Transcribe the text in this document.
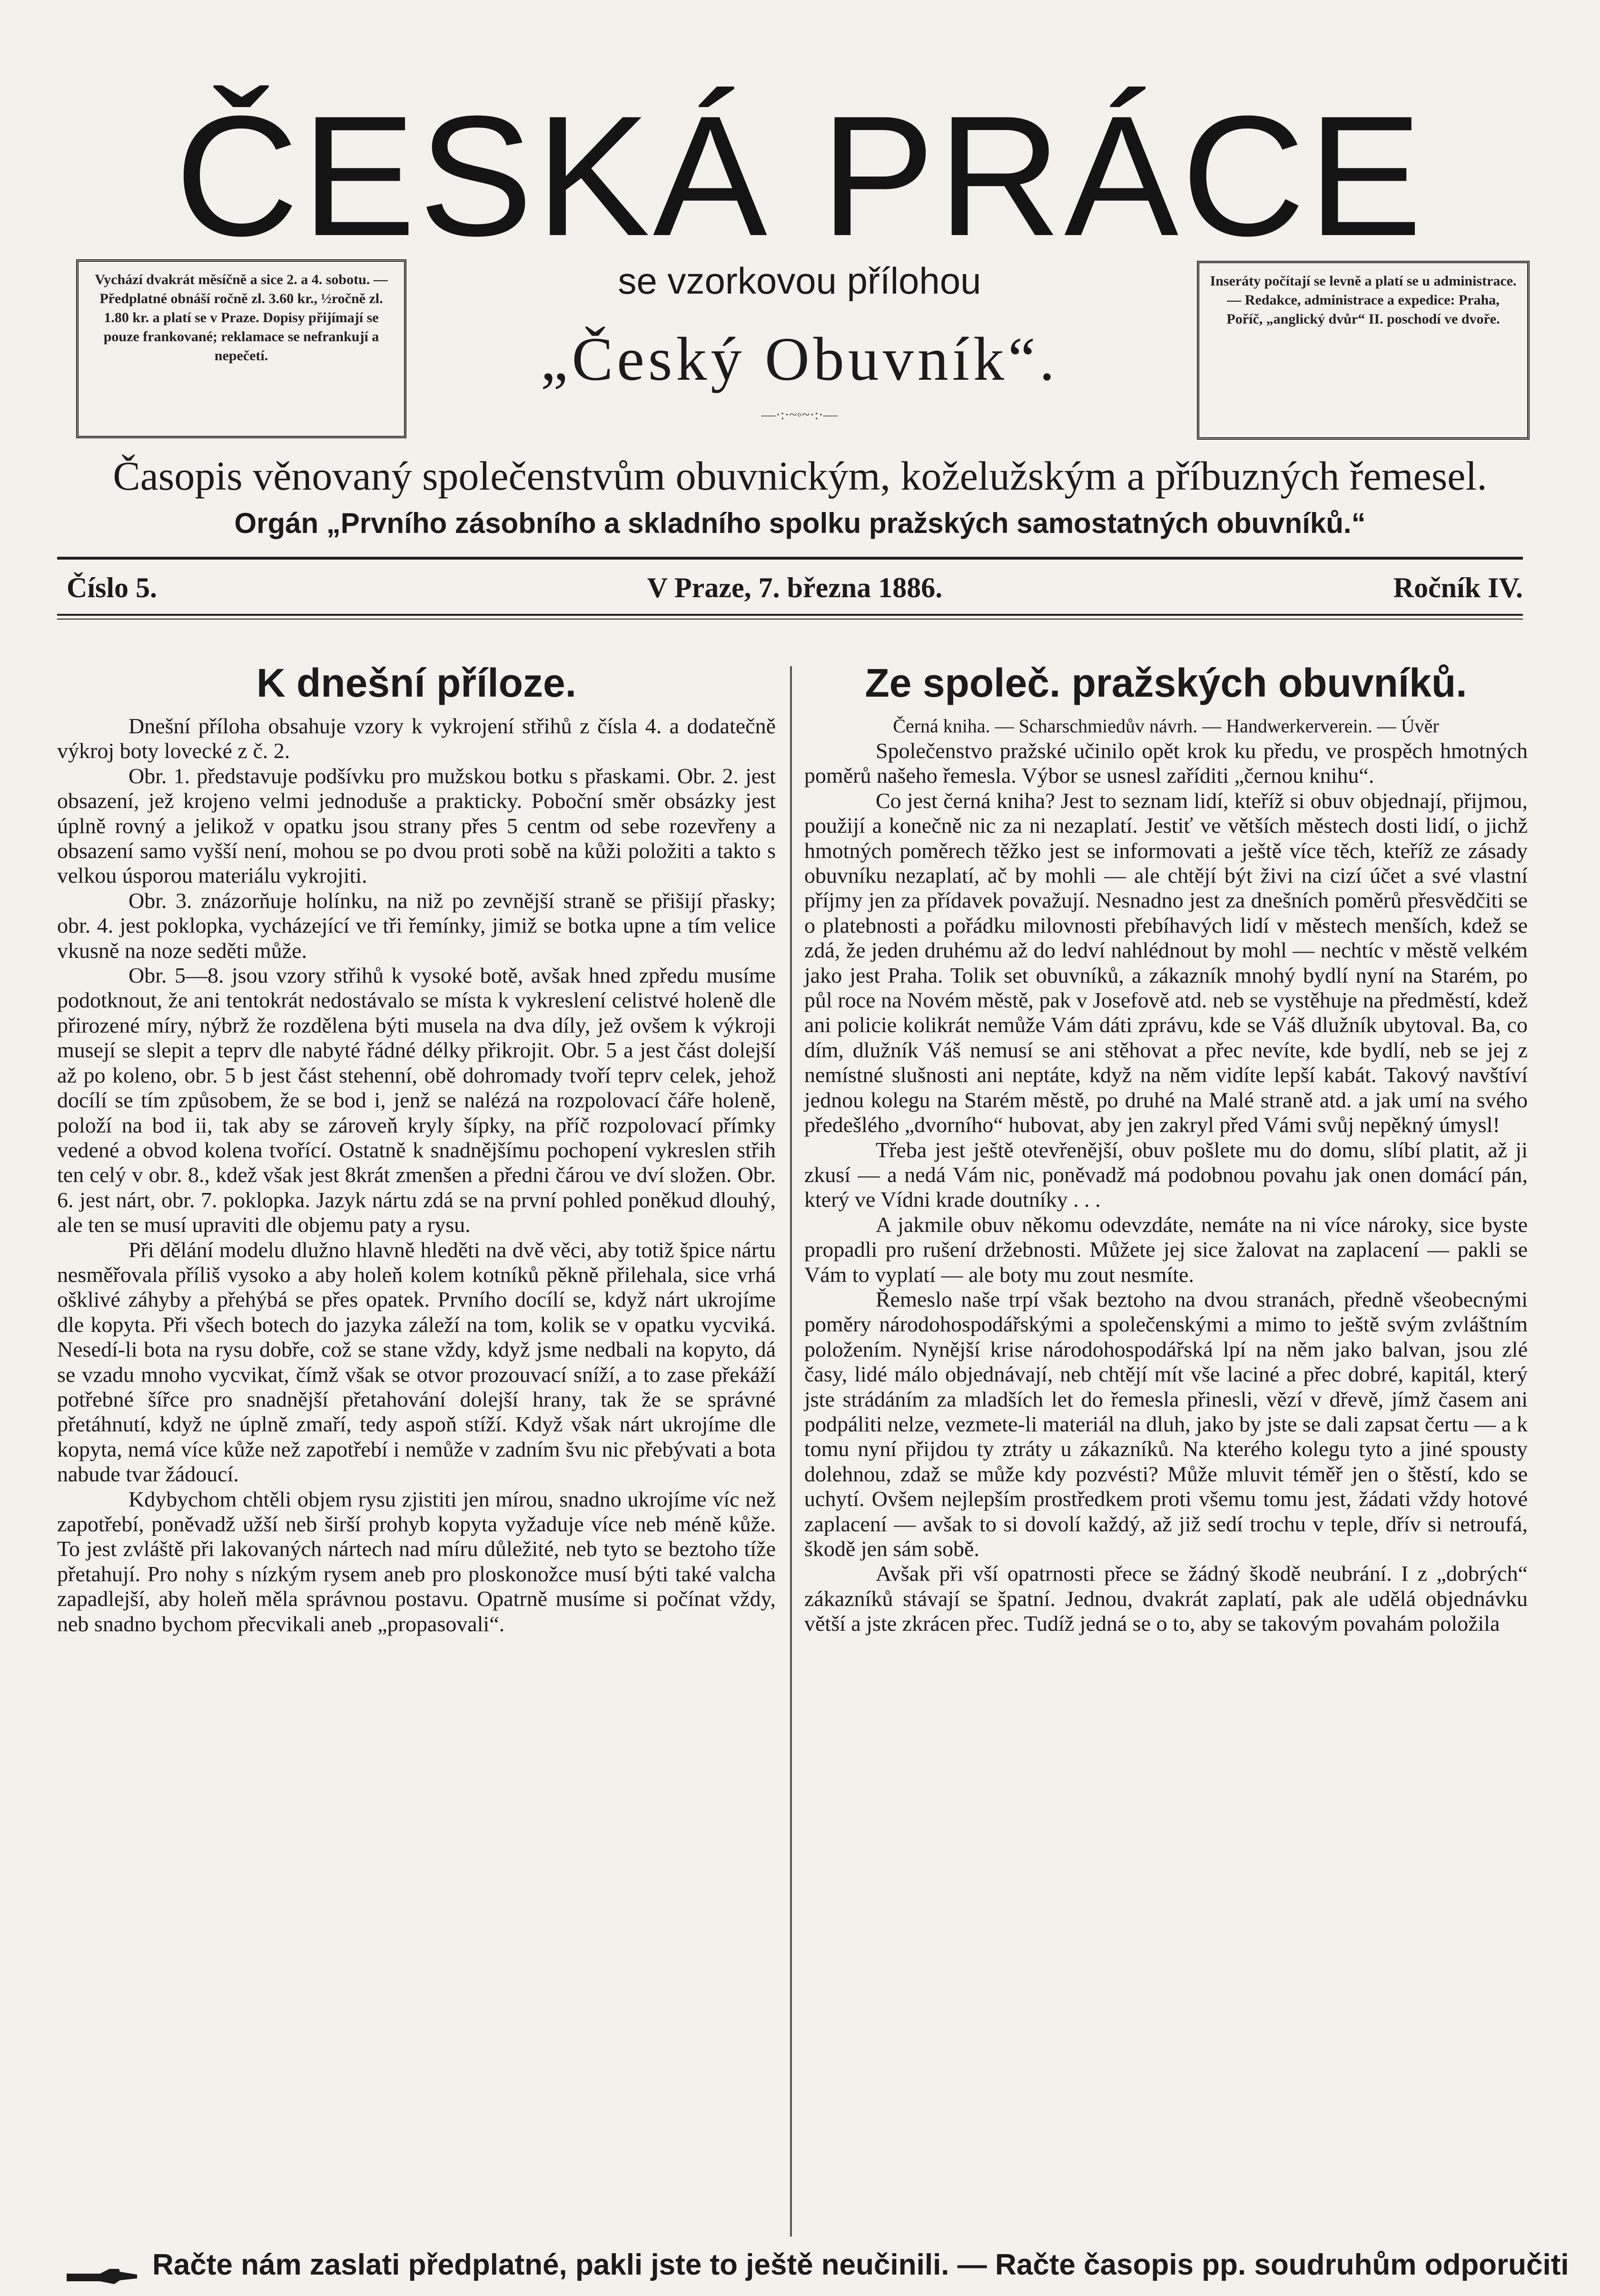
ČESKÁ PRÁCE
Vychází dvakrát měsíčně a sice 2. a 4. sobotu. — Předplatné obnáší ročně zl. 3.60 kr., ½ročně zl. 1.80 kr. a platí se v Praze. Dopisy přijímají se pouze frankované; reklamace se nefrankují a nepečetí.
se vzorkovou přílohou
„Český Obuvník“.
—·:·~◦~·:·—
Inseráty počítají se levně a platí se u administrace. — Redakce, administrace a expedice: Praha, Poříč, „anglický dvůr“ II. poschodí ve dvoře.
Časopis věnovaný společenstvům obuvnickým, koželužským a příbuzných řemesel.
Orgán „Prvního zásobního a skladního spolku pražských samostatných obuvníků.“
Číslo 5.	V Praze, 7. března 1886.	Ročník IV.
K dnešní příloze.

Dnešní příloha obsahuje vzory k vykrojení střihů z čísla 4. a dodatečně výkroj boty lovecké z č. 2.

Obr. 1. představuje podšívku pro mužskou botku s přaskami. Obr. 2. jest obsazení, jež krojeno velmi jednoduše a prakticky. Poboční směr obsázky jest úplně rovný a jelikož v opatku jsou strany přes 5 centm od sebe rozevřeny a obsazení samo vyšší není, mohou se po dvou proti sobě na kůži položiti a takto s velkou úsporou materiálu vykrojiti.

Obr. 3. znázorňuje holínku, na niž po zevnější straně se přišijí přasky; obr. 4. jest poklopka, vycházející ve tři řemínky, jimiž se botka upne a tím velice vkusně na noze seděti může.

Obr. 5—8. jsou vzory střihů k vysoké botě, avšak hned zpředu musíme podotknout, že ani tentokrát nedostávalo se místa k vykreslení celistvé holeně dle přirozené míry, nýbrž že rozdělena býti musela na dva díly, jež ovšem k výkroji musejí se slepit a teprv dle nabyté řádné délky přikrojit. Obr. 5 a jest část dolejší až po koleno, obr. 5 b jest část stehenní, obě dohromady tvoří teprv celek, jehož docílí se tím způsobem, že se bod i, jenž se nalézá na rozpolovací čáře holeně, položí na bod ii, tak aby se zároveň kryly šípky, na příč rozpolovací přímky vedené a obvod kolena tvořící. Ostatně k snadnějšímu pochopení vykreslen střih ten celý v obr. 8., kdež však jest 8krát zmenšen a předni čárou ve dví složen. Obr. 6. jest nárt, obr. 7. poklopka. Jazyk nártu zdá se na první pohled poněkud dlouhý, ale ten se musí upraviti dle objemu paty a rysu.

Při dělání modelu dlužno hlavně hleděti na dvě věci, aby totiž špice nártu nesměřovala příliš vysoko a aby holeň kolem kotníků pěkně přilehala, sice vrhá ošklivé záhyby a přehýbá se přes opatek. Prvního docílí se, když nárt ukrojíme dle kopyta. Při všech botech do jazyka záleží na tom, kolik se v opatku vycviká. Nesedí-li bota na rysu dobře, což se stane vždy, když jsme nedbali na kopyto, dá se vzadu mnoho vycvikat, čímž však se otvor prozouvací sníží, a to zase překáží potřebné šířce pro snadnější přetahování dolejší hrany, tak že se správné přetáhnutí, když ne úplně zmaří, tedy aspoň stíží. Když však nárt ukrojíme dle kopyta, nemá více kůže než zapotřebí i nemůže v zadním švu nic přebývati a bota nabude tvar žádoucí.

Kdybychom chtěli objem rysu zjistiti jen mírou, snadno ukrojíme víc než zapotřebí, poněvadž užší neb širší prohyb kopyta vyžaduje více neb méně kůže. To jest zvláště při lakovaných nártech nad míru důležité, neb tyto se beztoho tíže přetahují. Pro nohy s nízkým rysem aneb pro ploskonožce musí býti také valcha zapadlejší, aby holeň měla správnou postavu. Opatrně musíme si počínat vždy, neb snadno bychom přecvikali aneb „propasovali“.

Ze společ. pražských obuvníků.

Černá kniha. — Scharschmiedův návrh. — Handwerkerverein. — Úvěr

Společenstvo pražské učinilo opět krok ku předu, ve prospěch hmotných poměrů našeho řemesla. Výbor se usnesl zaříditi „černou knihu“.

Co jest černá kniha? Jest to seznam lidí, kteříž si obuv objednají, přijmou, použijí a konečně nic za ni nezaplatí. Jestiť ve větších městech dosti lidí, o jichž hmotných poměrech těžko jest se informovati a ještě více těch, kteříž ze zásady obuvníku nezaplatí, ač by mohli — ale chtějí být živi na cizí účet a své vlastní příjmy jen za přídavek považují. Nesnadno jest za dnešních poměrů přesvědčiti se o platebnosti a pořádku milovnosti přebíhavých lidí v městech menších, kdež se zdá, že jeden druhému až do ledví nahlédnout by mohl — nechtíc v městě velkém jako jest Praha. Tolik set obuvníků, a zákazník mnohý bydlí nyní na Starém, po půl roce na Novém městě, pak v Josefově atd. neb se vystěhuje na předměstí, kdež ani policie kolikrát nemůže Vám dáti zprávu, kde se Váš dlužník ubytoval. Ba, co dím, dlužník Váš nemusí se ani stěhovat a přec nevíte, kde bydlí, neb se jej z nemístné slušnosti ani neptáte, když na něm vidíte lepší kabát. Takový navštíví jednou kolegu na Starém městě, po druhé na Malé straně atd. a jak umí na svého předešlého „dvorního“ hubovat, aby jen zakryl před Vámi svůj nepěkný úmysl!

Třeba jest ještě otevřenější, obuv pošlete mu do domu, slíbí platit, až ji zkusí — a nedá Vám nic, poněvadž má podobnou povahu jak onen domácí pán, který ve Vídni krade doutníky . . .

A jakmile obuv někomu odevzdáte, nemáte na ni více nároky, sice byste propadli pro rušení držebnosti. Můžete jej sice žalovat na zaplacení — pakli se Vám to vyplatí — ale boty mu zout nesmíte.

Řemeslo naše trpí však beztoho na dvou stranách, předně všeobecnými poměry národohospodářskými a společenskými a mimo to ještě svým zvláštním položením. Nynější krise národohospodářská lpí na něm jako balvan, jsou zlé časy, lidé málo objednávají, neb chtějí mít vše laciné a přec dobré, kapitál, který jste strádáním za mladších let do řemesla přinesli, vězí v dřevě, jímž časem ani podpáliti nelze, vezmete-li materiál na dluh, jako by jste se dali zapsat čertu — a k tomu nyní přijdou ty ztráty u zákazníků. Na kterého kolegu tyto a jiné spousty dolehnou, zdaž se může kdy pozvésti? Může mluvit téměř jen o štěstí, kdo se uchytí. Ovšem nejlepším prostředkem proti všemu tomu jest, žádati vždy hotové zaplacení — avšak to si dovolí každý, až již sedí trochu v teple, dřív si netroufá, škodě jen sám sobě.

Avšak při vší opatrnosti přece se žádný škodě neubrání. I z „dobrých“ zákazníků stávají se špatní. Jednou, dvakrát zaplatí, pak ale udělá objednávku větší a jste zkrácen přec. Tudíž jedná se o to, aby se takovým povahám položila

Račte nám zaslati předplatné, pakli jste to ještě neučinili. — Račte časopis pp. soudruhům odporučiti
